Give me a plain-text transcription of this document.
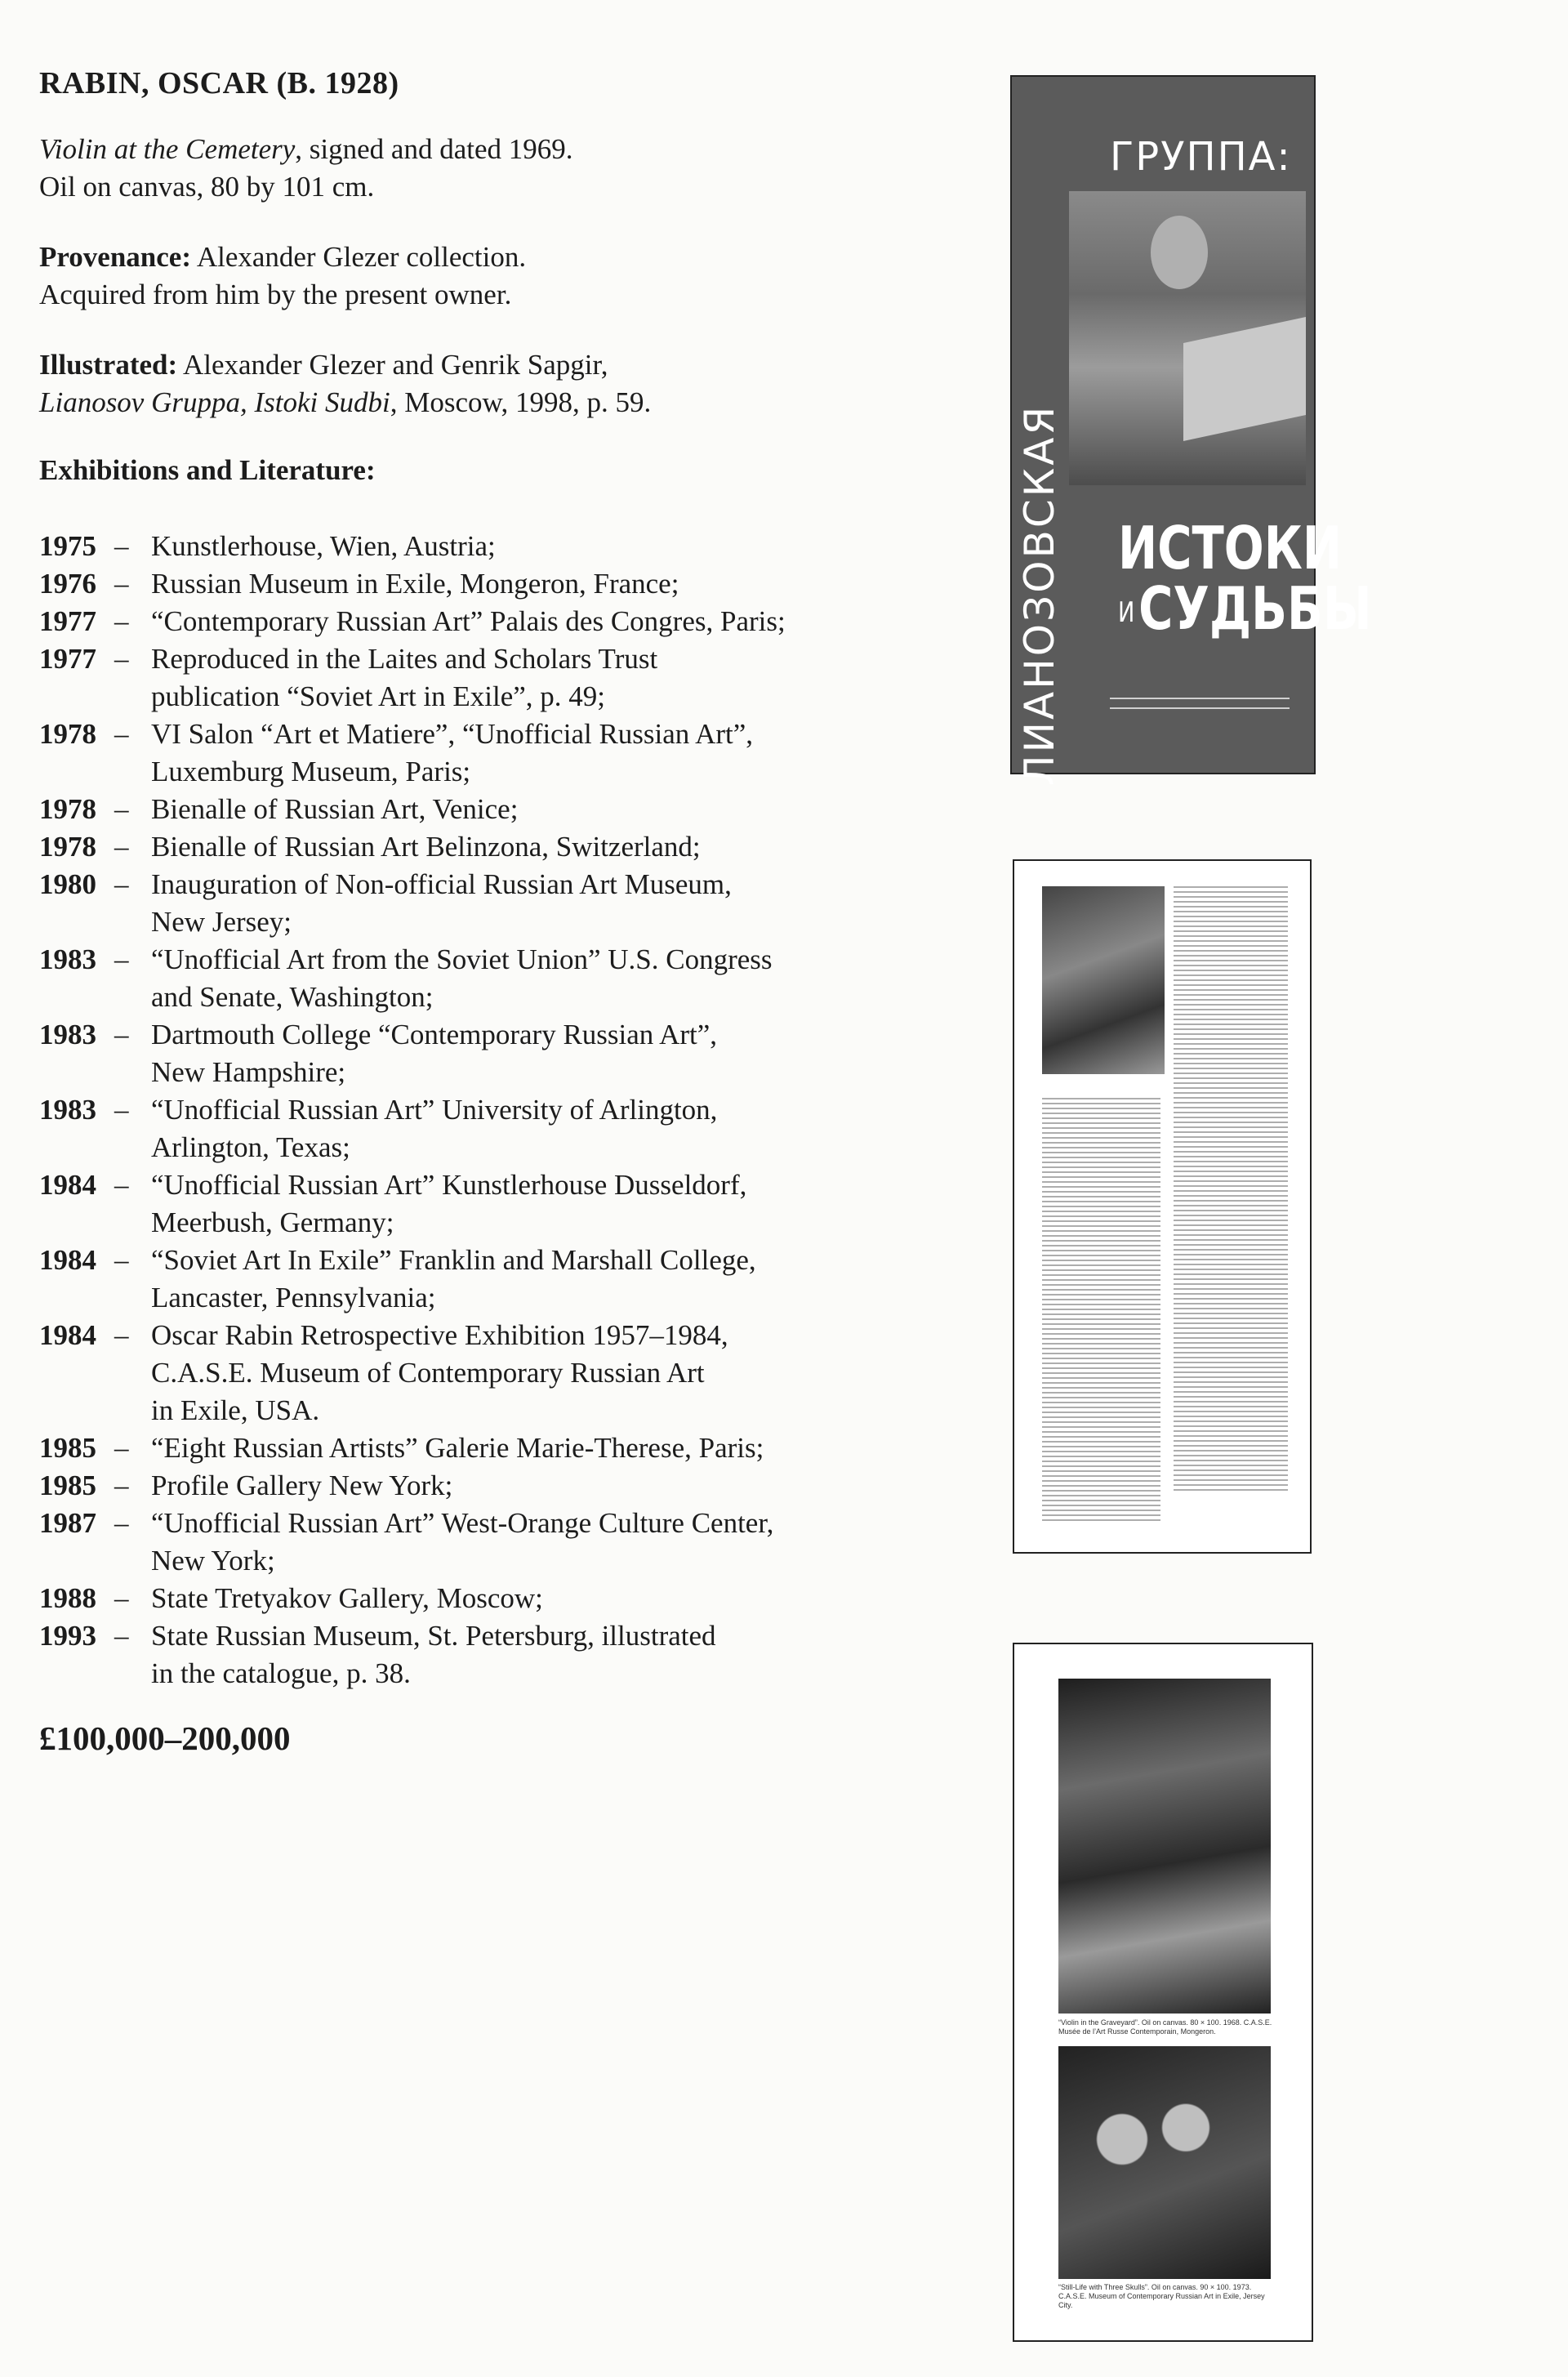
RABIN, OSCAR (B. 1928)
Violin at the Cemetery, signed and dated 1969.
Oil on canvas, 80 by 101 cm.
Provenance: Alexander Glezer collection.
Acquired from him by the present owner.
Illustrated: Alexander Glezer and Genrik Sapgir,
Lianosov Gruppa, Istoki Sudbi, Moscow, 1998, p. 59.
Exhibitions and Literature:
1975 – Kunstlerhouse, Wien, Austria;
1976 – Russian Museum in Exile, Mongeron, France;
1977 – “Contemporary Russian Art” Palais des Congres, Paris;
1977 – Reproduced in the Laites and Scholars Trust
publication “Soviet Art in Exile”, p. 49;
1978 – VI Salon “Art et Matiere”, “Unofficial Russian Art”,
Luxemburg Museum, Paris;
1978 – Bienalle of Russian Art, Venice;
1978 – Bienalle of Russian Art Belinzona, Switzerland;
1980 – Inauguration of Non-official Russian Art Museum,
New Jersey;
1983 – “Unofficial Art from the Soviet Union” U.S. Congress
and Senate, Washington;
1983 – Dartmouth College “Contemporary Russian Art”,
New Hampshire;
1983 – “Unofficial Russian Art” University of Arlington,
Arlington, Texas;
1984 – “Unofficial Russian Art” Kunstlerhouse Dusseldorf,
Meerbush, Germany;
1984 – “Soviet Art In Exile” Franklin and Marshall College,
Lancaster, Pennsylvania;
1984 – Oscar Rabin Retrospective Exhibition 1957–1984,
C.A.S.E. Museum of Contemporary Russian Art
in Exile, USA.
1985 – “Eight Russian Artists” Galerie Marie-Therese, Paris;
1985 – Profile Gallery New York;
1987 – “Unofficial Russian Art” West-Orange Culture Center,
New York;
1988 – State Tretyakov Gallery, Moscow;
1993 – State Russian Museum, St. Petersburg, illustrated
in the catalogue, p. 38.
£100,000–200,000
ЛИАНОЗОВСКАЯ
ГРУППА:
ИСТОКИ
ИСУДЬБЫ
“Violin in the Graveyard”. Oil on canvas. 80 × 100. 1968. C.A.S.E. Musée de l’Art Russe Contemporain, Mongeron.
“Still-Life with Three Skulls”. Oil on canvas. 90 × 100. 1973. C.A.S.E. Museum of Contemporary Russian Art in Exile, Jersey City.
